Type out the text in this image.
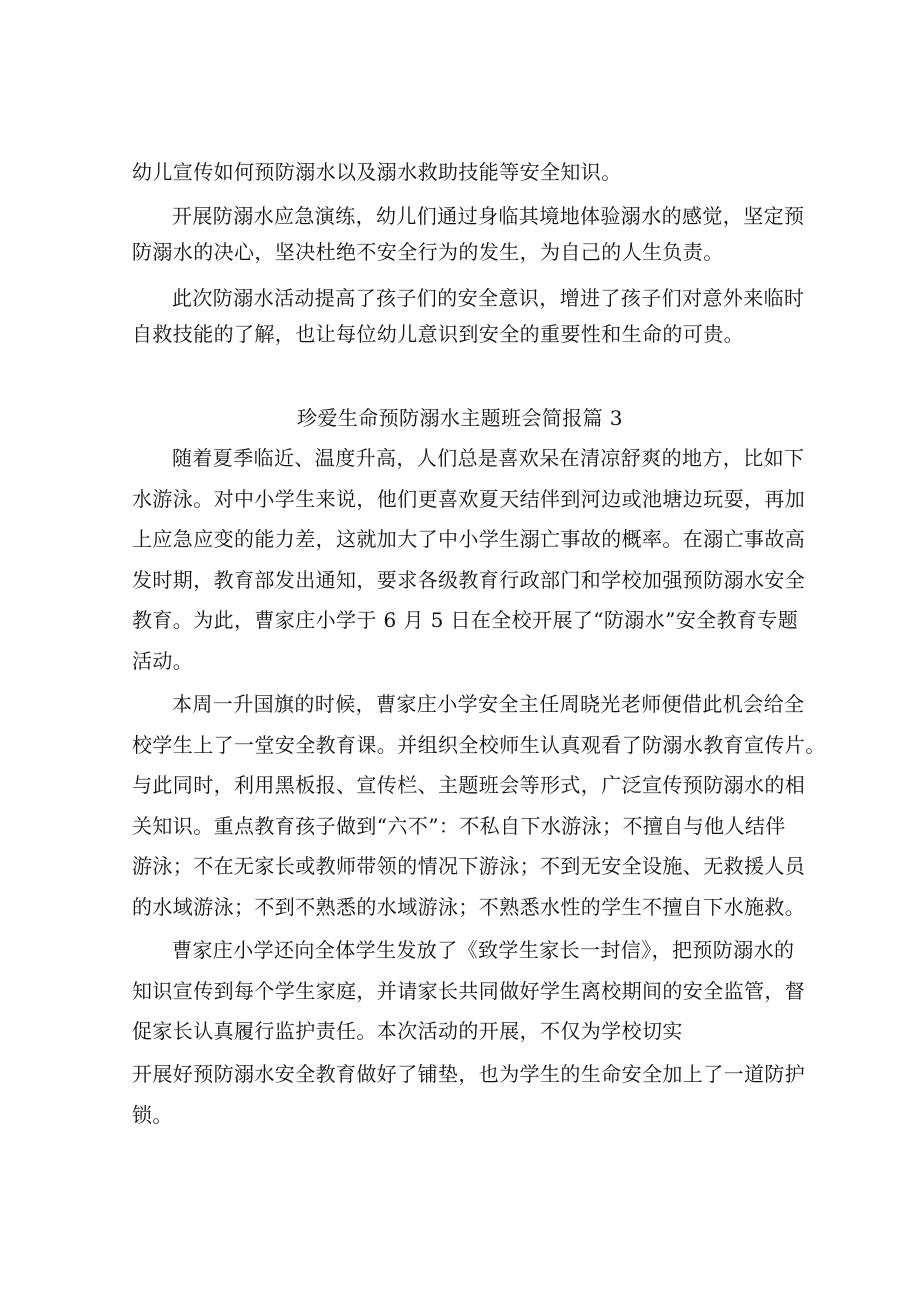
幼儿宣传如何预防溺水以及溺水救助技能等安全知识。

开展防溺水应急演练，幼儿们通过身临其境地体验溺水的感觉，坚定预

防溺水的决心，坚决杜绝不安全行为的发生，为自己的人生负责。

此次防溺水活动提高了孩子们的安全意识，增进了孩子们对意外来临时

自救技能的了解，也让每位幼儿意识到安全的重要性和生命的可贵。

珍爱生命预防溺水主题班会简报篇 3

随着夏季临近、温度升高，人们总是喜欢呆在清凉舒爽的地方，比如下

水游泳。对中小学生来说，他们更喜欢夏天结伴到河边或池塘边玩耍，再加

上应急应变的能力差，这就加大了中小学生溺亡事故的概率。在溺亡事故高

发时期，教育部发出通知，要求各级教育行政部门和学校加强预防溺水安全

教育。为此，曹家庄小学于 6 月 5 日在全校开展了“防溺水”安全教育专题

活动。

本周一升国旗的时候，曹家庄小学安全主任周晓光老师便借此机会给全

校学生上了一堂安全教育课。并组织全校师生认真观看了防溺水教育宣传片。

与此同时，利用黑板报、宣传栏、主题班会等形式，广泛宣传预防溺水的相

关知识。重点教育孩子做到“六不”：不私自下水游泳；不擅自与他人结伴

游泳；不在无家长或教师带领的情况下游泳；不到无安全设施、无救援人员

的水域游泳；不到不熟悉的水域游泳；不熟悉水性的学生不擅自下水施救。

曹家庄小学还向全体学生发放了《致学生家长一封信》，把预防溺水的

知识宣传到每个学生家庭，并请家长共同做好学生离校期间的安全监管，督

促家长认真履行监护责任。本次活动的开展，不仅为学校切实

开展好预防溺水安全教育做好了铺垫，也为学生的生命安全加上了一道防护

锁。
